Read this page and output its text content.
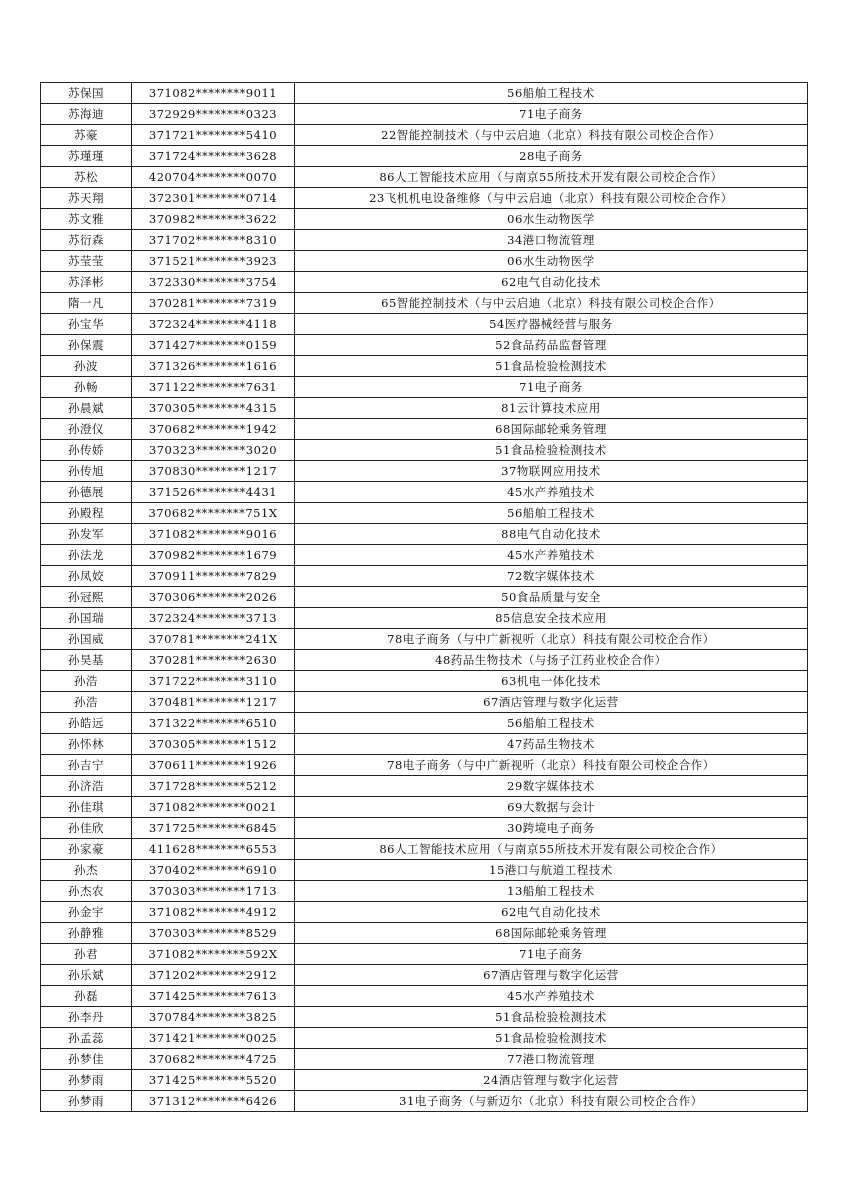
苏保国	371082********9011	56船舶工程技术
苏海迪	372929********0323	71电子商务
苏豪	371721********5410	22智能控制技术（与中云启迪（北京）科技有限公司校企合作）
苏瑾瑾	371724********3628	28电子商务
苏松	420704********0070	86人工智能技术应用（与南京55所技术开发有限公司校企合作）
苏天翔	372301********0714	23飞机机电设备维修（与中云启迪（北京）科技有限公司校企合作）
苏文雅	370982********3622	06水生动物医学
苏衍森	371702********8310	34港口物流管理
苏莹莹	371521********3923	06水生动物医学
苏泽彬	372330********3754	62电气自动化技术
隋一凡	370281********7319	65智能控制技术（与中云启迪（北京）科技有限公司校企合作）
孙宝华	372324********4118	54医疗器械经营与服务
孙保震	371427********0159	52食品药品监督管理
孙波	371326********1616	51食品检验检测技术
孙畅	371122********7631	71电子商务
孙晨斌	370305********4315	81云计算技术应用
孙澄仪	370682********1942	68国际邮轮乘务管理
孙传娇	370323********3020	51食品检验检测技术
孙传旭	370830********1217	37物联网应用技术
孙德展	371526********4431	45水产养殖技术
孙殿程	370682********751X	56船舶工程技术
孙发军	371082********9016	88电气自动化技术
孙法龙	370982********1679	45水产养殖技术
孙凤姣	370911********7829	72数字媒体技术
孙冠熙	370306********2026	50食品质量与安全
孙国瑞	372324********3713	85信息安全技术应用
孙国威	370781********241X	78电子商务（与中广新视听（北京）科技有限公司校企合作）
孙昊基	370281********2630	48药品生物技术（与扬子江药业校企合作）
孙浩	371722********3110	63机电一体化技术
孙浩	370481********1217	67酒店管理与数字化运营
孙皓远	371322********6510	56船舶工程技术
孙怀林	370305********1512	47药品生物技术
孙吉宁	370611********1926	78电子商务（与中广新视听（北京）科技有限公司校企合作）
孙济浩	371728********5212	29数字媒体技术
孙佳琪	371082********0021	69大数据与会计
孙佳欣	371725********6845	30跨境电子商务
孙家豪	411628********6553	86人工智能技术应用（与南京55所技术开发有限公司校企合作）
孙杰	370402********6910	15港口与航道工程技术
孙杰农	370303********1713	13船舶工程技术
孙金宇	371082********4912	62电气自动化技术
孙静雅	370303********8529	68国际邮轮乘务管理
孙君	371082********592X	71电子商务
孙乐斌	371202********2912	67酒店管理与数字化运营
孙磊	371425********7613	45水产养殖技术
孙李丹	370784********3825	51食品检验检测技术
孙孟蕊	371421********0025	51食品检验检测技术
孙梦佳	370682********4725	77港口物流管理
孙梦雨	371425********5520	24酒店管理与数字化运营
孙梦雨	371312********6426	31电子商务（与新迈尔（北京）科技有限公司校企合作）
